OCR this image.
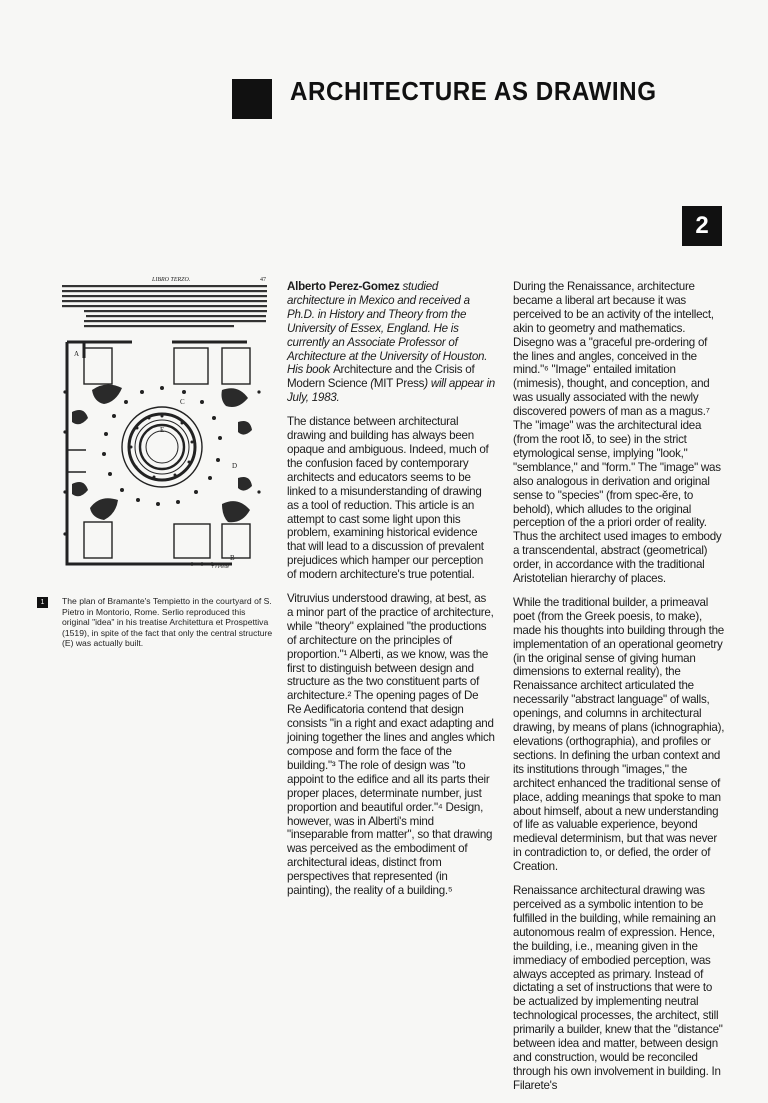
ARCHITECTURE AS DRAWING
2
LIBRO TERZO.	47
A
C
E
D
B
r ł Piede
1	The plan of Bramante's Tempietto in the courtyard of S. Pietro in Montorio, Rome. Serlio reproduced this original "idea" in his treatise Architettura et Prospettiva (1519), in spite of the fact that only the central structure (E) was actually built.

Alberto Perez-Gomez studied architecture in Mexico and received a Ph.D. in History and Theory from the University of Essex, England. He is currently an Associate Professor of Architecture at the University of Houston. His book Architecture and the Crisis of Modern Science (MIT Press) will appear in July, 1983.

The distance between architectural drawing and building has always been opaque and ambiguous. Indeed, much of the confusion faced by contemporary architects and educators seems to be linked to a misunderstanding of drawing as a tool of reduction. This article is an attempt to cast some light upon this problem, examining historical evidence that will lead to a discussion of prevalent prejudices which hamper our perception of modern architecture's true potential.

Vitruvius understood drawing, at best, as a minor part of the practice of architecture, while "theory" explained "the productions of architecture on the principles of proportion."¹ Alberti, as we know, was the first to distinguish between design and structure as the two constituent parts of architecture.² The opening pages of De Re Aedificatoria contend that design consists "in a right and exact adapting and joining together the lines and angles which compose and form the face of the building."³ The role of design was "to appoint to the edifice and all its parts their proper places, determinate number, just proportion and beautiful order."⁴ Design, however, was in Alberti's mind "inseparable from matter", so that drawing was perceived as the embodiment of architectural ideas, distinct from perspectives that represented (in painting), the reality of a building.⁵

During the Renaissance, architecture became a liberal art because it was perceived to be an activity of the intellect, akin to geometry and mathematics. Disegno was a "graceful pre-ordering of the lines and angles, conceived in the mind."⁶ "Image" entailed imitation (mimesis), thought, and conception, and was usually associated with the newly discovered powers of man as a magus.⁷ The "image" was the architectural idea (from the root Iδ, to see) in the strict etymological sense, implying "look," "semblance," and "form." The "image" was also analogous in derivation and original sense to "species" (from spec-ěre, to behold), which alludes to the original perception of the a priori order of reality. Thus the architect used images to embody a transcendental, abstract (geometrical) order, in accordance with the traditional Aristotelian hierarchy of places.

While the traditional builder, a primeaval poet (from the Greek poesis, to make), made his thoughts into building through the implementation of an operational geometry (in the original sense of giving human dimensions to external reality), the Renaissance architect articulated the necessarily "abstract language" of walls, openings, and columns in architectural drawing, by means of plans (ichnographia), elevations (orthographia), and profiles or sections. In defining the urban context and its institutions through "images," the architect enhanced the traditional sense of place, adding meanings that spoke to man about himself, about a new understanding of life as valuable experience, beyond medieval determinism, but that was never in contradiction to, or defied, the order of Creation.

Renaissance architectural drawing was perceived as a symbolic intention to be fulfilled in the building, while remaining an autonomous realm of expression. Hence, the building, i.e., meaning given in the immediacy of embodied perception, was always accepted as primary. Instead of dictating a set of instructions that were to be actualized by implementing neutral technological processes, the architect, still primarily a builder, knew that the "distance" between idea and matter, between design and construction, would be reconciled through his own involvement in building. In Filarete's
